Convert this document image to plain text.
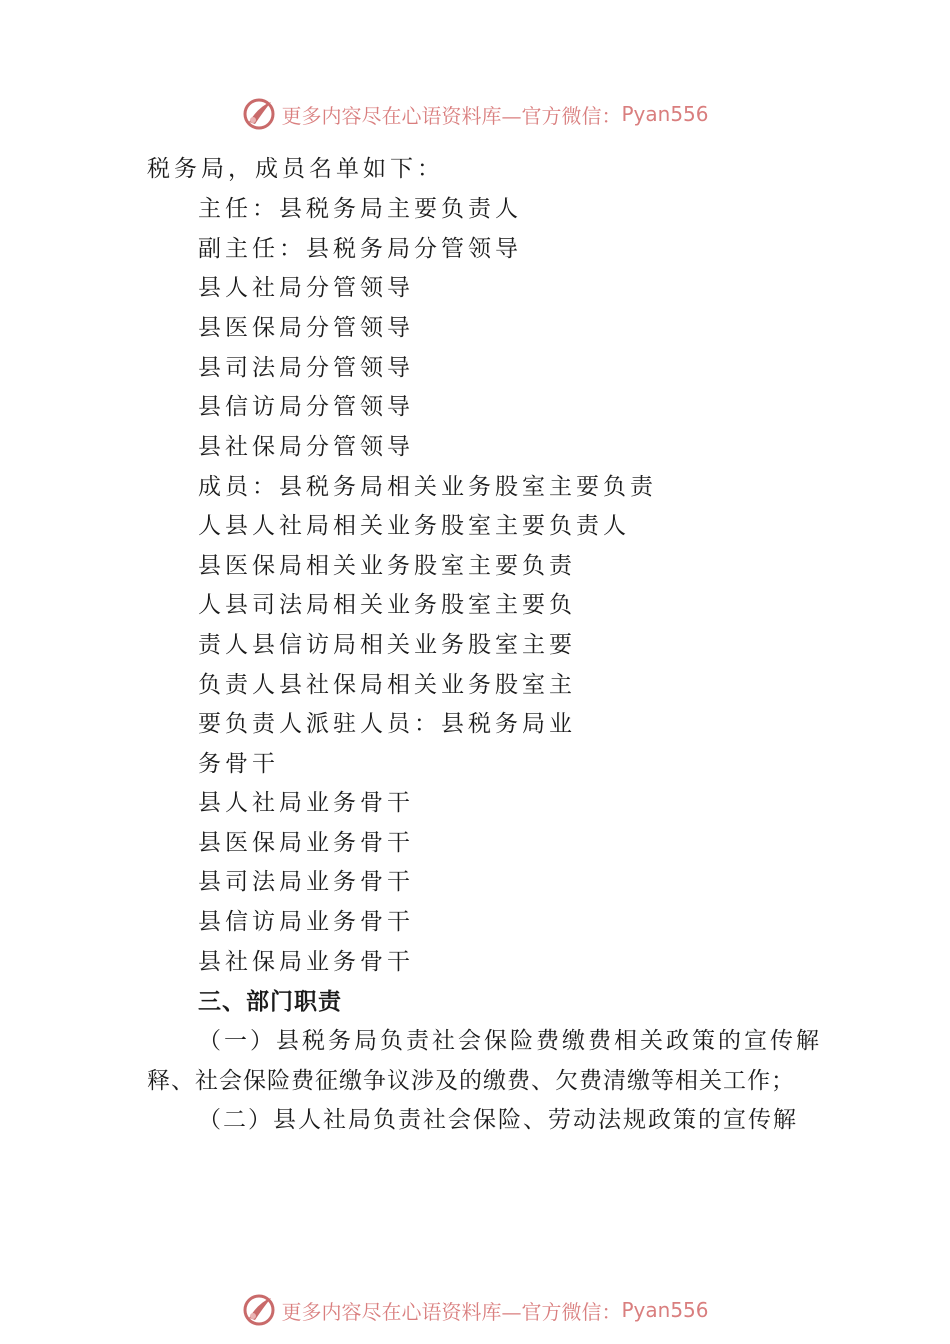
更多内容尽在心语资料库—官方微信： Pyan556
税务局，成员名单如下：
主任：县税务局主要负责人
副主任：县税务局分管领导
县人社局分管领导
县医保局分管领导
县司法局分管领导
县信访局分管领导
县社保局分管领导
成员：县税务局相关业务股室主要负责
人县人社局相关业务股室主要负责人
县医保局相关业务股室主要负责
人县司法局相关业务股室主要负
责人县信访局相关业务股室主要
负责人县社保局相关业务股室主
要负责人派驻人员：县税务局业
务骨干
县人社局业务骨干
县医保局业务骨干
县司法局业务骨干
县信访局业务骨干
县社保局业务骨干
三、部门职责
（一）县税务局负责社会保险费缴费相关政策的宣传解
释、社会保险费征缴争议涉及的缴费、欠费清缴等相关工作；
（二）县人社局负责社会保险、劳动法规政策的宣传解
更多内容尽在心语资料库—官方微信： Pyan556
